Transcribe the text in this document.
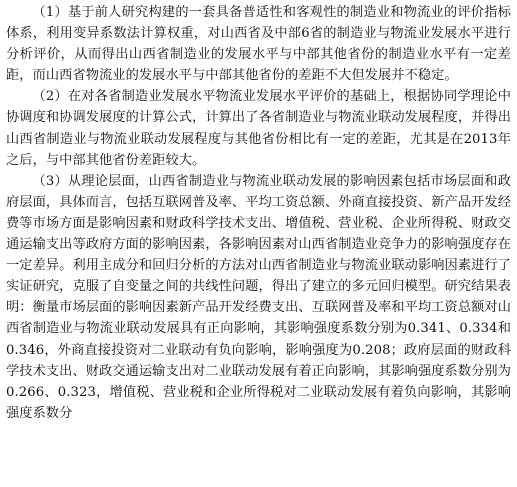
（1）基于前人研究构建的一套具备普适性和客观性的制造业和物流业的评价指标体系，利用变异系数法计算权重，对山西省及中部6省的制造业与物流业发展水平进行分析评价，从而得出山西省制造业的发展水平与中部其他省份的制造业水平有一定差距，而山西省物流业的发展水平与中部其他省份的差距不大但发展并不稳定。

（2）在对各省制造业发展水平物流业发展水平评价的基础上，根据协同学理论中协调度和协调发展度的计算公式，计算出了各省制造业与物流业联动发展程度，并得出山西省制造业与物流业联动发展程度与其他省份相比有一定的差距，尤其是在2013年之后，与中部其他省份差距较大。

（3）从理论层面，山西省制造业与物流业联动发展的影响因素包括市场层面和政府层面，具体而言，包括互联网普及率、平均工资总额、外商直接投资、新产品开发经费等市场方面是影响因素和财政科学技术支出、增值税、营业税、企业所得税、财政交通运输支出等政府方面的影响因素，各影响因素对山西省制造业竞争力的影响强度存在一定差异。利用主成分和回归分析的方法对山西省制造业与物流业联动影响因素进行了实证研究，克服了自变量之间的共线性问题，得出了建立的多元回归模型。研究结果表明：衡量市场层面的影响因素新产品开发经费支出、互联网普及率和平均工资总额对山西省制造业与物流业联动发展具有正向影响，其影响强度系数分别为0.341、0.334和0.346，外商直接投资对二业联动有负向影响，影响强度为0.208；政府层面的财政科学技术支出、财政交通运输支出对二业联动发展有着正向影响，其影响强度系数分别为0.266、0.323，增值税、营业税和企业所得税对二业联动发展有着负向影响，其影响强度系数分
